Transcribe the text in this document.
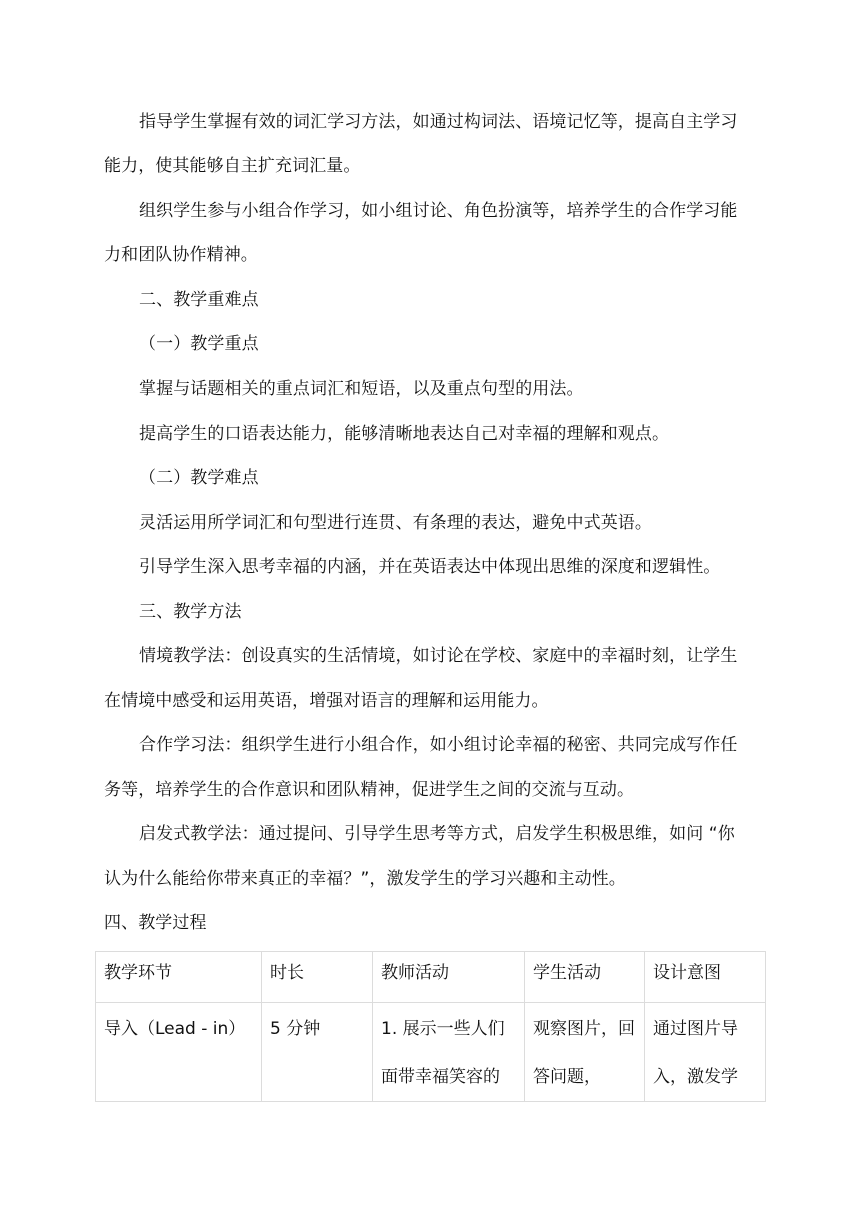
指导学生掌握有效的词汇学习方法，如通过构词法、语境记忆等，提高自主学习
能力，使其能够自主扩充词汇量。
组织学生参与小组合作学习，如小组讨论、角色扮演等，培养学生的合作学习能
力和团队协作精神。
二、教学重难点
（一）教学重点
掌握与话题相关的重点词汇和短语，以及重点句型的用法。
提高学生的口语表达能力，能够清晰地表达自己对幸福的理解和观点。
（二）教学难点
灵活运用所学词汇和句型进行连贯、有条理的表达，避免中式英语。
引导学生深入思考幸福的内涵，并在英语表达中体现出思维的深度和逻辑性。
三、教学方法
情境教学法：创设真实的生活情境，如讨论在学校、家庭中的幸福时刻，让学生
在情境中感受和运用英语，增强对语言的理解和运用能力。
合作学习法：组织学生进行小组合作，如小组讨论幸福的秘密、共同完成写作任
务等，培养学生的合作意识和团队精神，促进学生之间的交流与互动。
启发式教学法：通过提问、引导学生思考等方式，启发学生积极思维，如问 “你
认为什么能给你带来真正的幸福？”，激发学生的学习兴趣和主动性。
四、教学过程
教学环节	时长	教师活动	学生活动	设计意图

导入（Lead - in）	5 分钟	1. 展示一些人们面带幸福笑容的	观察图片，回答问题，	通过图片导入，激发学
